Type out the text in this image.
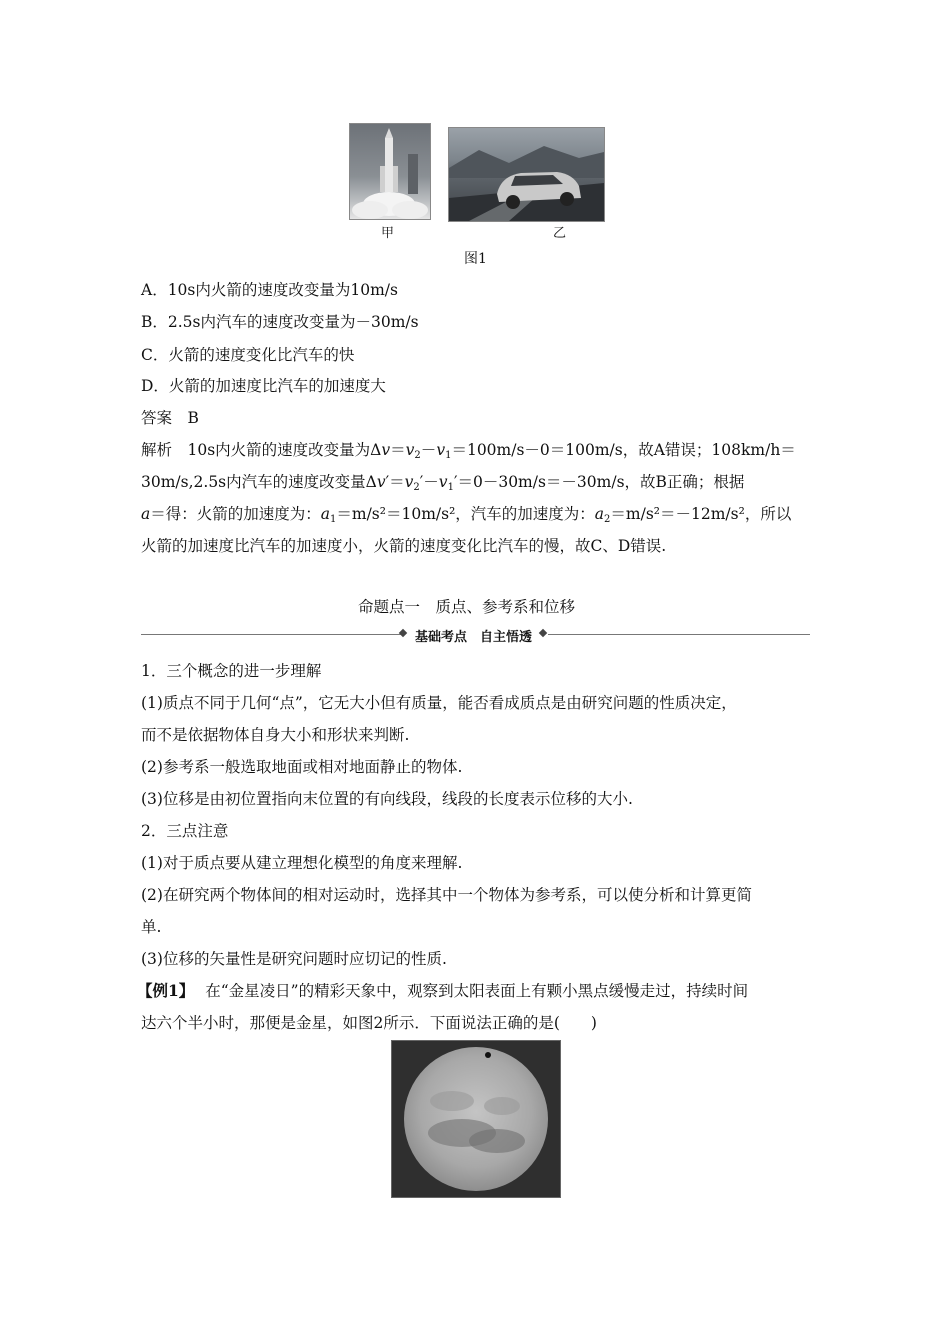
甲	乙
图1
A．10s内火箭的速度改变量为10m/s
B．2.5s内汽车的速度改变量为－30m/s
C．火箭的速度变化比汽车的快
D．火箭的加速度比汽车的加速度大
答案　B
解析　10s内火箭的速度改变量为$\Delta v=v_2-v_1=100m/s-0=100m/s$，故A错误；108km/h＝
30m/s,2.5s内汽车的速度改变量$\Delta v'=v_2'-v_1'=0-30m/s=-30m/s$，故B正确；根据
a＝得：火箭的加速度为：$a_1=m/s^2=10m/s^2$，汽车的加速度为：$a_2=m/s^2=-12m/s^2$，所以
火箭的加速度比汽车的加速度小，火箭的速度变化比汽车的慢，故C、D错误.
命题点一　质点、参考系和位移
基础考点　自主悟透
1．三个概念的进一步理解
(1)质点不同于几何“点”，它无大小但有质量，能否看成质点是由研究问题的性质决定，
而不是依据物体自身大小和形状来判断.
(2)参考系一般选取地面或相对地面静止的物体.
(3)位移是由初位置指向末位置的有向线段，线段的长度表示位移的大小.
2．三点注意
(1)对于质点要从建立理想化模型的角度来理解.
(2)在研究两个物体间的相对运动时，选择其中一个物体为参考系，可以使分析和计算更简
单.
(3)位移的矢量性是研究问题时应切记的性质.
【例1】 在“金星凌日”的精彩天象中，观察到太阳表面上有颗小黑点缓慢走过，持续时间
达六个半小时，那便是金星，如图2所示．下面说法正确的是(　　)
